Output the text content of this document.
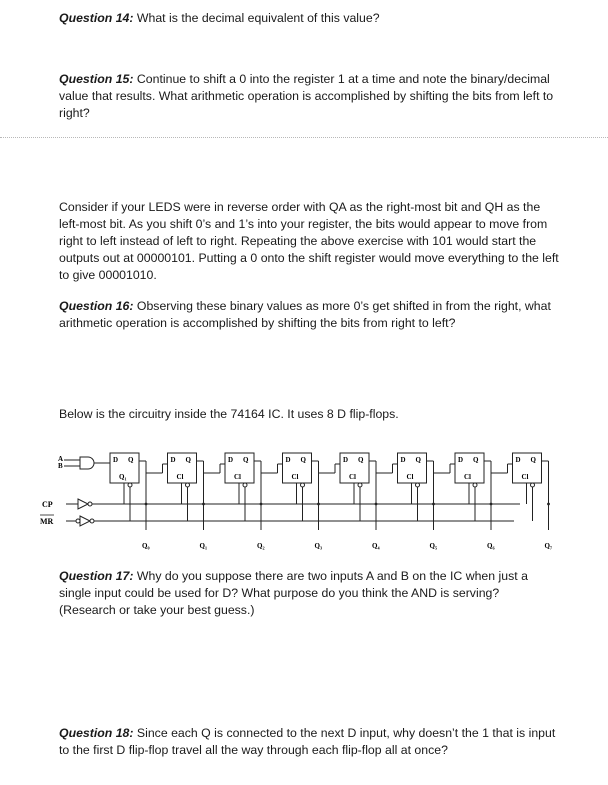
Question 14: What is the decimal equivalent of this value?
Question 15: Continue to shift a 0 into the register 1 at a time and note the binary/decimal value that results. What arithmetic operation is accomplished by shifting the bits from left to right?
Consider if your LEDS were in reverse order with QA as the right-most bit and QH as the left-most bit. As you shift 0’s and 1’s into your register, the bits would appear to move from right to left instead of left to right. Repeating the above exercise with 101 would start the outputs out at 00000101. Putting a 0 onto the shift register would move everything to the left to give 00001010.
Question 16: Observing these binary values as more 0’s get shifted in from the right, what arithmetic operation is accomplished by shifting the bits from right to left?
Below is the circuitry inside the 74164 IC. It uses 8 D flip-flops.
A
B
CP
MR
D Q
Q₁
Q₀
D Q
Cl
Q₁
D Q
Cl
Q₂
D Q
Cl
Q₃
D Q
Cl
Q₄
D Q
Cl
Q₅
D Q
Cl
Q₆
D Q
Cl
Q₇
Question 17: Why do you suppose there are two inputs A and B on the IC when just a single input could be used for D? What purpose do you think the AND is serving? (Research or take your best guess.)
Question 18: Since each Q is connected to the next D input, why doesn’t the 1 that is input to the first D flip-flop travel all the way through each flip-flop all at once?
